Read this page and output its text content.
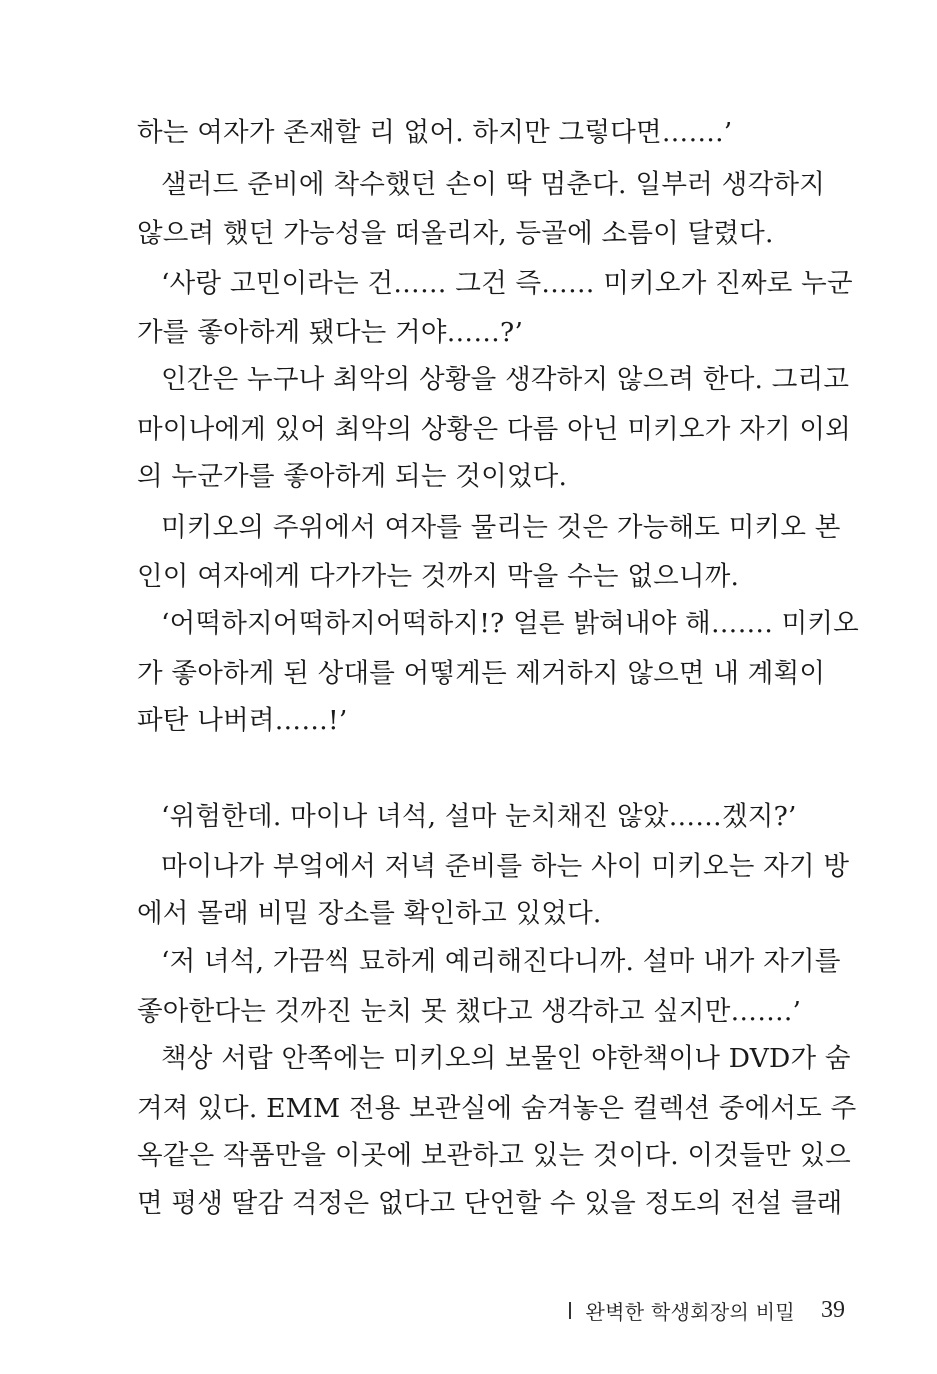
하는 여자가 존재할 리 없어. 하지만 그렇다면…….’
샐러드 준비에 착수했던 손이 딱 멈춘다. 일부러 생각하지
않으려 했던 가능성을 떠올리자, 등골에 소름이 달렸다.
‘사랑 고민이라는 건…… 그건 즉…… 미키오가 진짜로 누군
가를 좋아하게 됐다는 거야……?’
인간은 누구나 최악의 상황을 생각하지 않으려 한다. 그리고
마이나에게 있어 최악의 상황은 다름 아닌 미키오가 자기 이외
의 누군가를 좋아하게 되는 것이었다.
미키오의 주위에서 여자를 물리는 것은 가능해도 미키오 본
인이 여자에게 다가가는 것까지 막을 수는 없으니까.
‘어떡하지어떡하지어떡하지!? 얼른 밝혀내야 해……. 미키오
가 좋아하게 된 상대를 어떻게든 제거하지 않으면 내 계획이
파탄 나버려……!’
‘위험한데. 마이나 녀석, 설마 눈치채진 않았……겠지?’
마이나가 부엌에서 저녁 준비를 하는 사이 미키오는 자기 방
에서 몰래 비밀 장소를 확인하고 있었다.
‘저 녀석, 가끔씩 묘하게 예리해진다니까. 설마 내가 자기를
좋아한다는 것까진 눈치 못 챘다고 생각하고 싶지만…….’
책상 서랍 안쪽에는 미키오의 보물인 야한책이나 DVD가 숨
겨져 있다. EMM 전용 보관실에 숨겨놓은 컬렉션 중에서도 주
옥같은 작품만을 이곳에 보관하고 있는 것이다. 이것들만 있으
면 평생 딸감 걱정은 없다고 단언할 수 있을 정도의 전설 클래
완벽한 학생회장의 비밀 39
